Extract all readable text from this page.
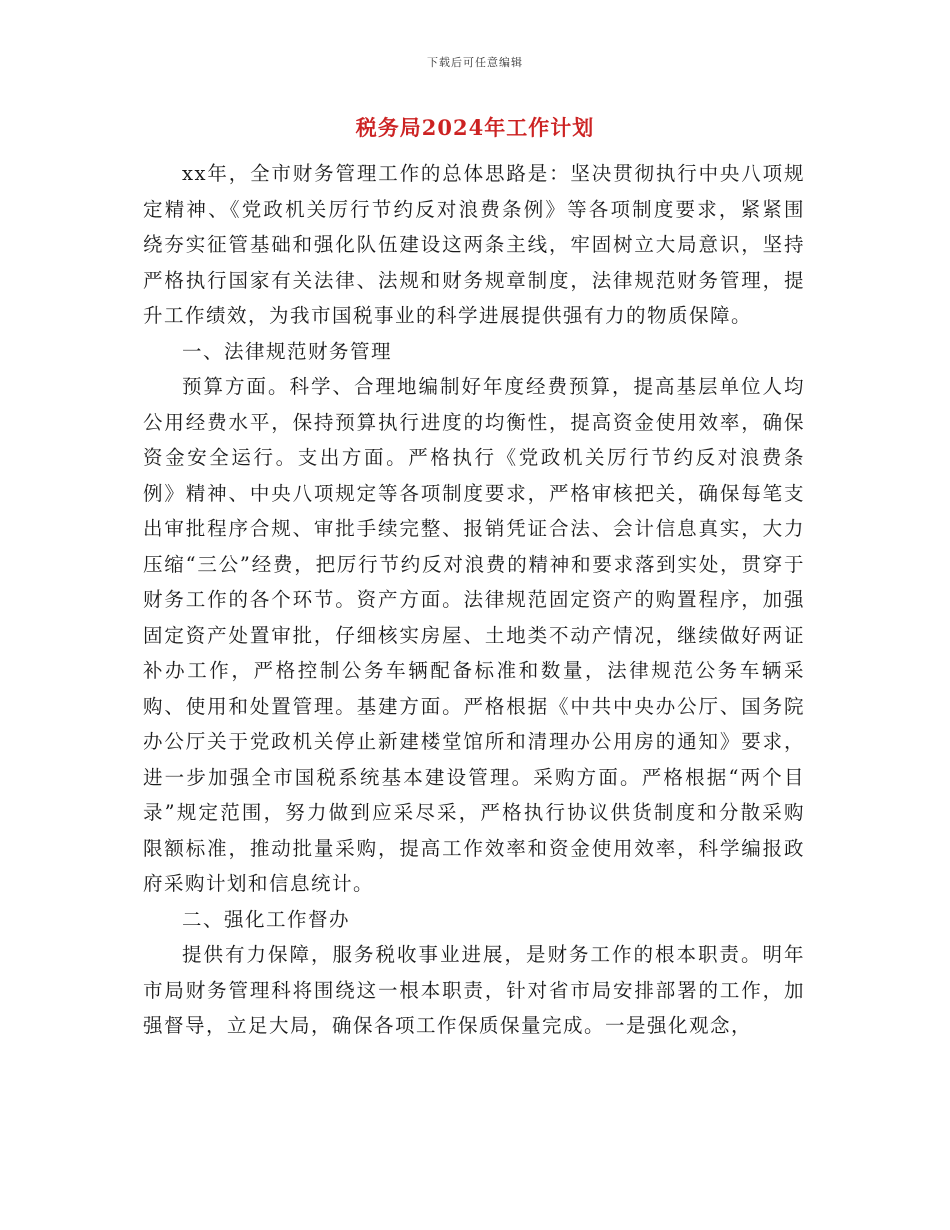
下载后可任意编辑
税务局2024年工作计划

xx年，全市财务管理工作的总体思路是：坚决贯彻执行中央八项规定精神、《党政机关厉行节约反对浪费条例》等各项制度要求，紧紧围绕夯实征管基础和强化队伍建设这两条主线，牢固树立大局意识，坚持严格执行国家有关法律、法规和财务规章制度，法律规范财务管理，提升工作绩效，为我市国税事业的科学进展提供强有力的物质保障。

一、法律规范财务管理

预算方面。科学、合理地编制好年度经费预算，提高基层单位人均公用经费水平，保持预算执行进度的均衡性，提高资金使用效率，确保资金安全运行。支出方面。严格执行《党政机关厉行节约反对浪费条例》精神、中央八项规定等各项制度要求，严格审核把关，确保每笔支出审批程序合规、审批手续完整、报销凭证合法、会计信息真实，大力压缩“三公”经费，把厉行节约反对浪费的精神和要求落到实处，贯穿于财务工作的各个环节。资产方面。法律规范固定资产的购置程序，加强固定资产处置审批，仔细核实房屋、土地类不动产情况，继续做好两证补办工作，严格控制公务车辆配备标准和数量，法律规范公务车辆采购、使用和处置管理。基建方面。严格根据《中共中央办公厅、国务院办公厅关于党政机关停止新建楼堂馆所和清理办公用房的通知》要求，进一步加强全市国税系统基本建设管理。采购方面。严格根据“两个目录”规定范围，努力做到应采尽采，严格执行协议供货制度和分散采购限额标准，推动批量采购，提高工作效率和资金使用效率，科学编报政府采购计划和信息统计。

二、强化工作督办

提供有力保障，服务税收事业进展，是财务工作的根本职责。明年市局财务管理科将围绕这一根本职责，针对省市局安排部署的工作，加强督导，立足大局，确保各项工作保质保量完成。一是强化观念，
